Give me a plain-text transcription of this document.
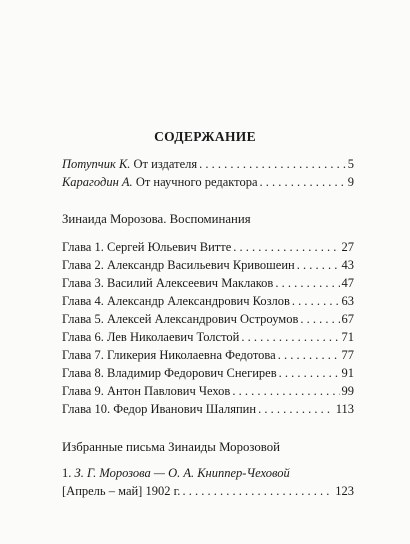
СОДЕРЖАНИЕ
Потупчик К. От издателя . . .	5
Карагодин А. От научного редактора . . .	9
Зинаида Морозова. Воспоминания
Глава 1. Сергей Юльевич Витте . . .	27
Глава 2. Александр Васильевич Кривошеин . . .	43
Глава 3. Василий Алексеевич Маклаков . . .	47
Глава 4. Александр Александрович Козлов . . .	63
Глава 5. Алексей Александрович Остроумов . . .	67
Глава 6. Лев Николаевич Толстой . . .	71
Глава 7. Гликерия Николаевна Федотова . . .	77
Глава 8. Владимир Федорович Снегирев . . .	91
Глава 9. Антон Павлович Чехов . . .	99
Глава 10. Федор Иванович Шаляпин . . .	113
Избранные письма Зинаиды Морозовой
1. З. Г. Морозова — О. А. Книппер-Чеховой
[Апрель – май] 1902 г. . . .	123
